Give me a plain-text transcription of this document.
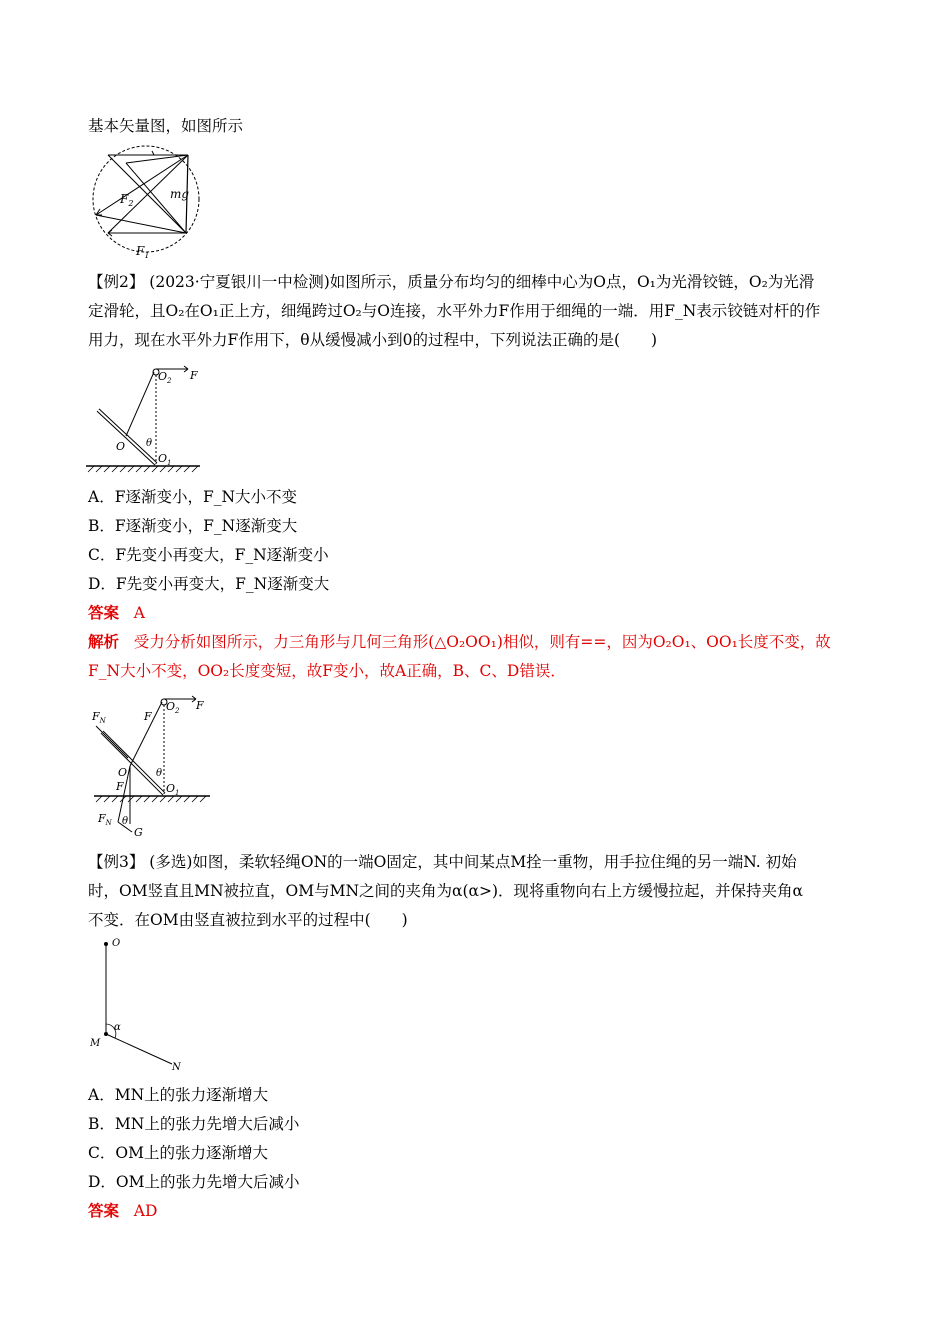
基本矢量图，如图所示
$F_2$
mg
$F_1$
【例2】 (2023·宁夏银川一中检测)如图所示，质量分布均匀的细棒中心为O点，O₁为光滑铰链，O₂为光滑
定滑轮，且O₂在O₁正上方，细绳跨过O₂与O连接，水平外力F作用于细绳的一端．用F_N表示铰链对杆的作
用力，现在水平外力F作用下，θ从缓慢减小到0的过程中，下列说法正确的是(　　)
$O_2$ F
O θ
$O_1$
A．F逐渐变小，F_N大小不变
B．F逐渐变小，F_N逐渐变大
C．F先变小再变大，F_N逐渐变小
D．F先变小再变大，F_N逐渐变大
答案 A
解析 受力分析如图所示，力三角形与几何三角形(△O₂OO₁)相似，则有==，因为O₂O₁、OO₁长度不变，故
F_N大小不变，OO₂长度变短，故F变小，故A正确，B、C、D错误．
$F_N$	F
$O_2$ F
O
F
θ
$O_1$
$F_N$ θ
G
【例3】 (多选)如图，柔软轻绳ON的一端O固定，其中间某点M拴一重物，用手拉住绳的另一端N. 初始
时，OM竖直且MN被拉直，OM与MN之间的夹角为α(α>)．现将重物向右上方缓慢拉起，并保持夹角α
不变．在OM由竖直被拉到水平的过程中(　　)
O
α
M
N
A．MN上的张力逐渐增大
B．MN上的张力先增大后减小
C．OM上的张力逐渐增大
D．OM上的张力先增大后减小
答案 AD
